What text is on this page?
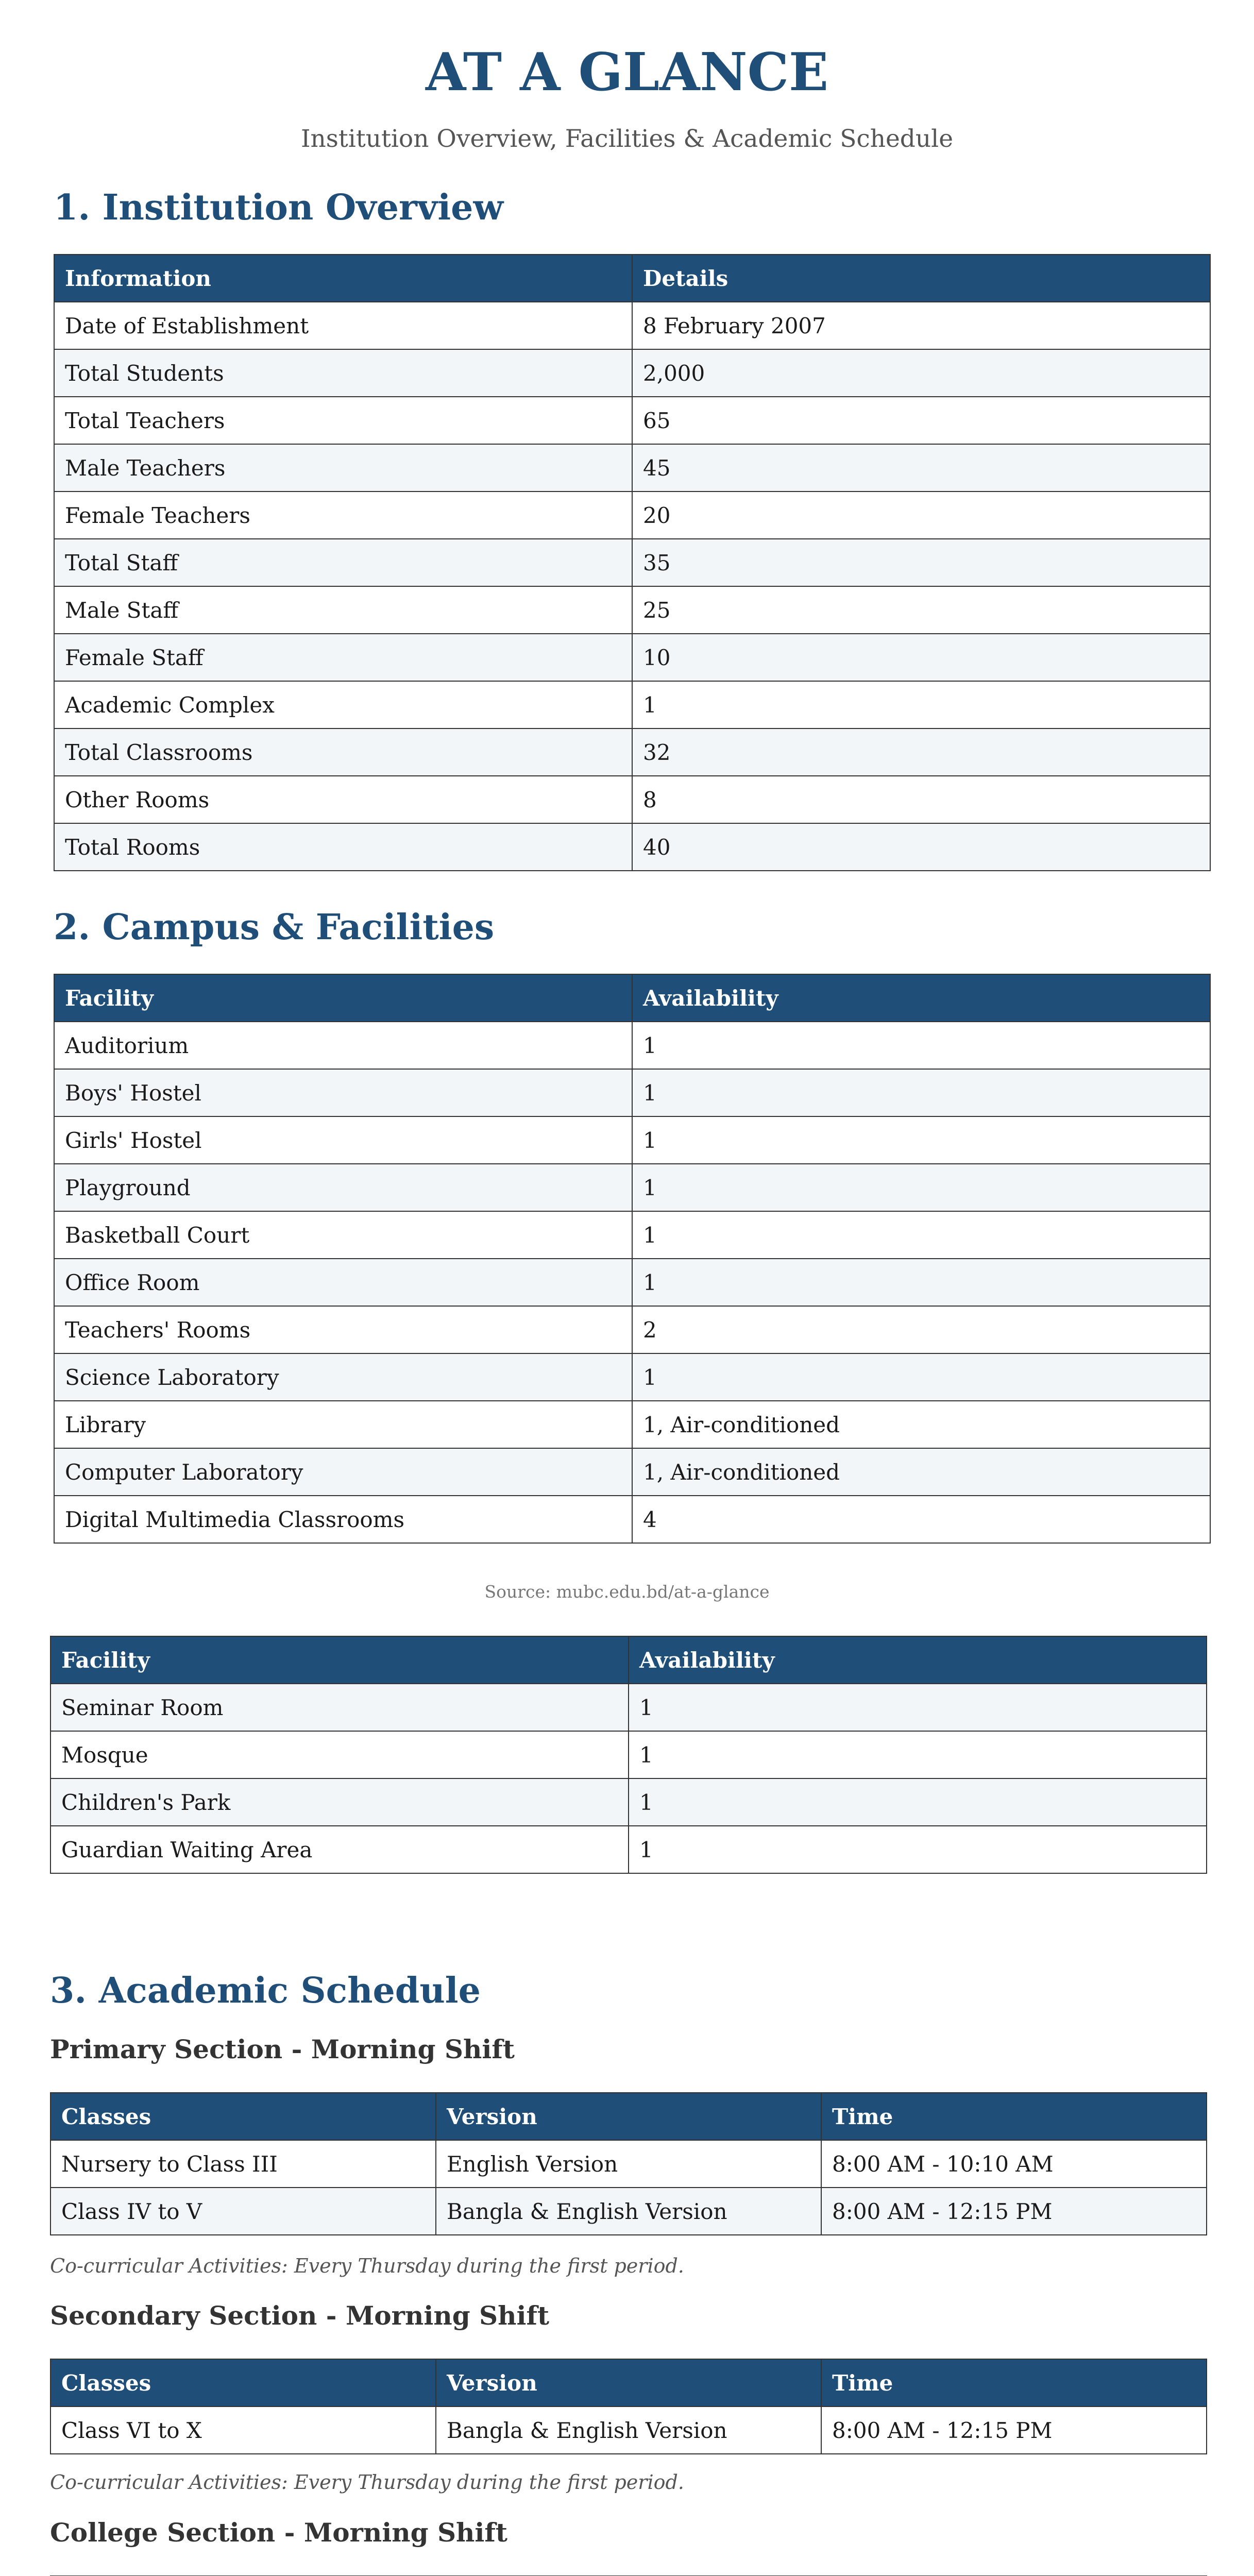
AT A GLANCE

Institution Overview, Facilities & Academic Schedule

1. Institution Overview
Information	Details
Date of Establishment	8 February 2007
Total Students	2,000
Total Teachers	65
Male Teachers	45
Female Teachers	20
Total Staff	35
Male Staff	25
Female Staff	10
Academic Complex	1
Total Classrooms	32
Other Rooms	8
Total Rooms	40
2. Campus & Facilities
Facility	Availability
Auditorium	1
Boys' Hostel	1
Girls' Hostel	1
Playground	1
Basketball Court	1
Office Room	1
Teachers' Rooms	2
Science Laboratory	1
Library	1, Air-conditioned
Computer Laboratory	1, Air-conditioned
Digital Multimedia Classrooms	4

Source: mubc.edu.bd/at-a-glance

Facility	Availability
Seminar Room	1
Mosque	1
Children's Park	1
Guardian Waiting Area	1
3. Academic Schedule
Primary Section - Morning Shift
Classes	Version	Time
Nursery to Class III	English Version	8:00 AM - 10:10 AM
Class IV to V	Bangla & English Version	8:00 AM - 12:15 PM

Co-curricular Activities: Every Thursday during the first period.

Secondary Section - Morning Shift
Classes	Version	Time
Class VI to X	Bangla & English Version	8:00 AM - 12:15 PM

Co-curricular Activities: Every Thursday during the first period.

College Section - Morning Shift
